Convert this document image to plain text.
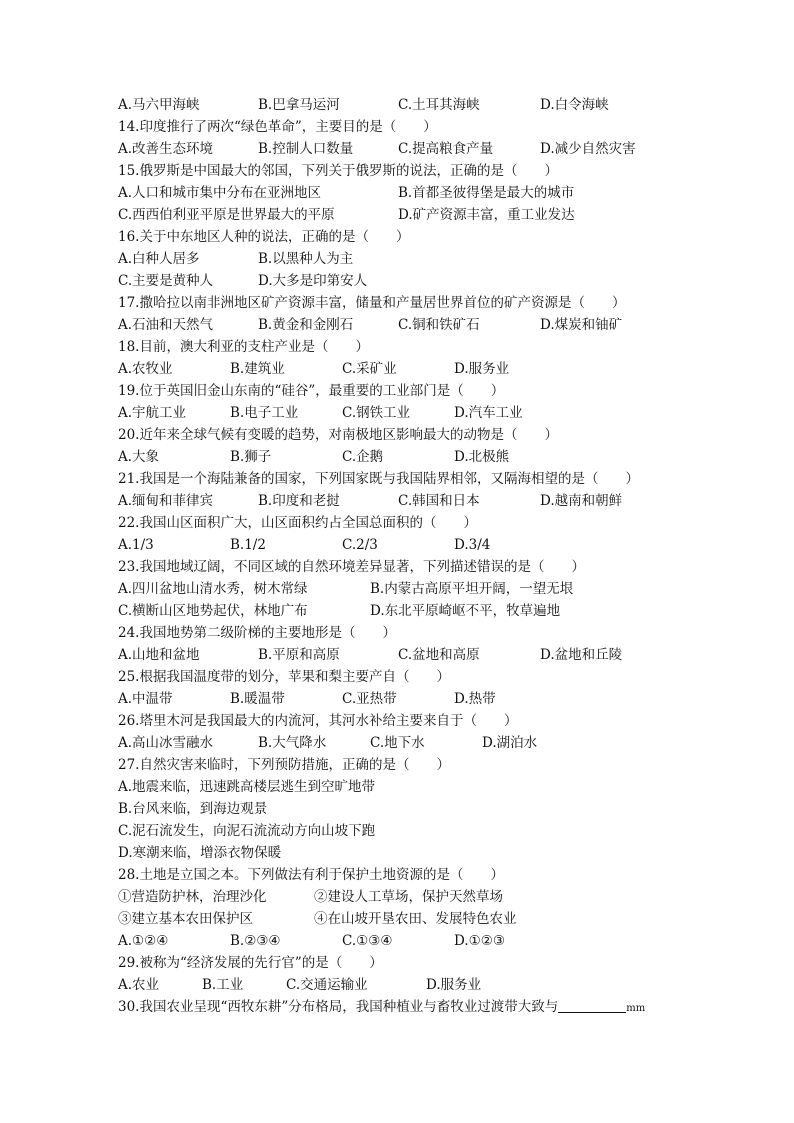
A.马六甲海峡	B.巴拿马运河	C.土耳其海峡	D.白令海峡
14.印度推行了两次“绿色革命”，主要目的是（　　）
A.改善生态环境	B.控制人口数量	C.提高粮食产量	D.减少自然灾害
15.俄罗斯是中国最大的邻国，下列关于俄罗斯的说法，正确的是（　　）
A.人口和城市集中分布在亚洲地区	B.首都圣彼得堡是最大的城市
C.西西伯利亚平原是世界最大的平原	D.矿产资源丰富，重工业发达
16.关于中东地区人种的说法，正确的是（　　）
A.白种人居多	B.以黑种人为主
C.主要是黄种人	D.大多是印第安人
17.撒哈拉以南非洲地区矿产资源丰富，储量和产量居世界首位的矿产资源是（　　）
A.石油和天然气	B.黄金和金刚石	C.铜和铁矿石	D.煤炭和铀矿
18.目前，澳大利亚的支柱产业是（　　）
A.农牧业	B.建筑业	C.采矿业	D.服务业
19.位于英国旧金山东南的“硅谷”，最重要的工业部门是（　　）
A.宇航工业	B.电子工业	C.钢铁工业	D.汽车工业
20.近年来全球气候有变暖的趋势，对南极地区影响最大的动物是（　　）
A.大象	B.狮子	C.企鹅	D.北极熊
21.我国是一个海陆兼备的国家，下列国家既与我国陆界相邻，又隔海相望的是（　　）
A.缅甸和菲律宾	B.印度和老挝	C.韩国和日本	D.越南和朝鲜
22.我国山区面积广大，山区面积约占全国总面积的（　　）
A.1/3	B.1/2	C.2/3	D.3/4
23.我国地域辽阔，不同区域的自然环境差异显著，下列描述错误的是（　　）
A.四川盆地山清水秀，树木常绿	B.内蒙古高原平坦开阔，一望无垠
C.横断山区地势起伏，林地广布	D.东北平原崎岖不平，牧草遍地
24.我国地势第二级阶梯的主要地形是（　　）
A.山地和盆地	B.平原和高原	C.盆地和高原	D.盆地和丘陵
25.根据我国温度带的划分，苹果和梨主要产自（　　）
A.中温带	B.暖温带	C.亚热带	D.热带
26.塔里木河是我国最大的内流河，其河水补给主要来自于（　　）
A.高山冰雪融水	B.大气降水	C.地下水	D.湖泊水
27.自然灾害来临时，下列预防措施，正确的是（　　）
A.地震来临，迅速跳高楼层逃生到空旷地带
B.台风来临，到海边观景
C.泥石流发生，向泥石流流动方向山坡下跑
D.寒潮来临，增添衣物保暖
28.土地是立国之本。下列做法有利于保护土地资源的是（　　）
①营造防护林，治理沙化	②建设人工草场，保护天然草场
③建立基本农田保护区	④在山坡开垦农田、发展特色农业
A.①②④	B.②③④	C.①③④	D.①②③
29.被称为“经济发展的先行官”的是（　　）
A.农业	B.工业	C.交通运输业	D.服务业
30.我国农业呈现“西牧东耕”分布格局，我国种植业与畜牧业过渡带大致与	mm
